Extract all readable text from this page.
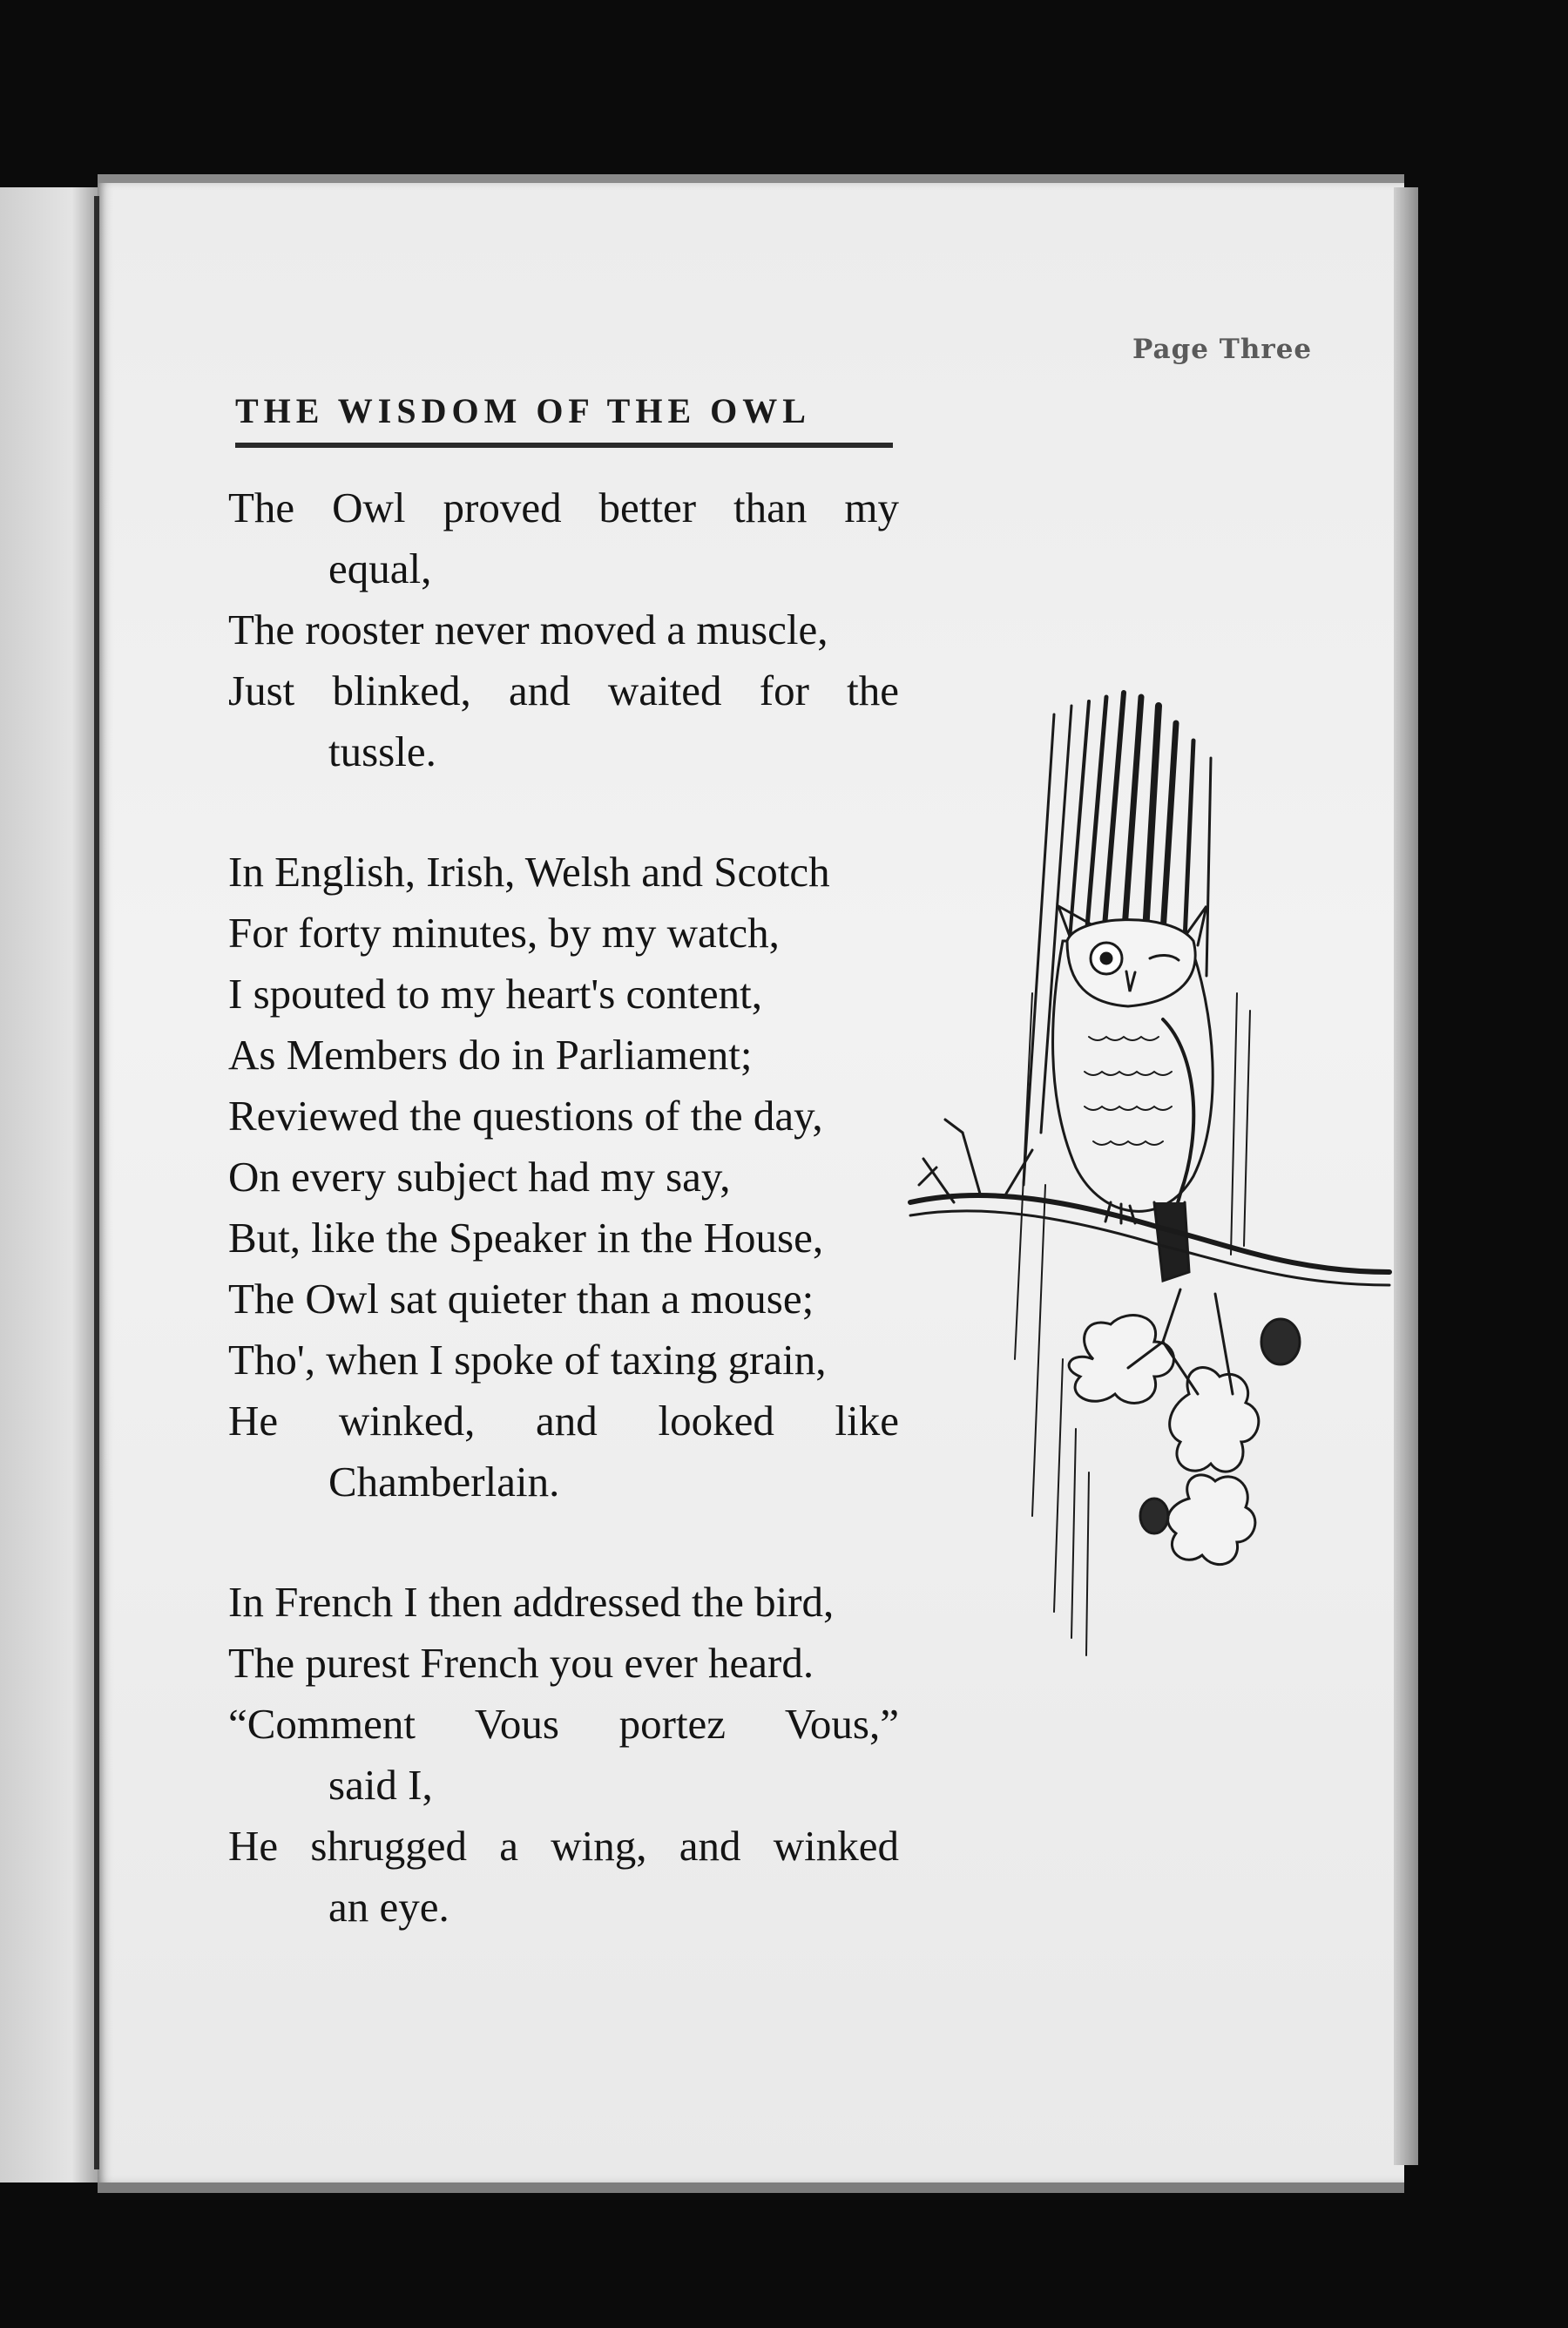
Page Three
THE WISDOM OF THE OWL
The Owl proved better than my
equal,
The rooster never moved a muscle,
Just blinked, and waited for the
tussle.
In English, Irish, Welsh and Scotch
For forty minutes, by my watch,
I spouted to my heart's content,
As Members do in Parliament;
Reviewed the questions of the day,
On every subject had my say,
But, like the Speaker in the House,
The Owl sat quieter than a mouse;
Tho', when I spoke of taxing grain,
He winked, and looked like
Chamberlain.
In French I then addressed the bird,
The purest French you ever heard.
“Comment Vous portez Vous,”
said I,
He shrugged a wing, and winked
an eye.
